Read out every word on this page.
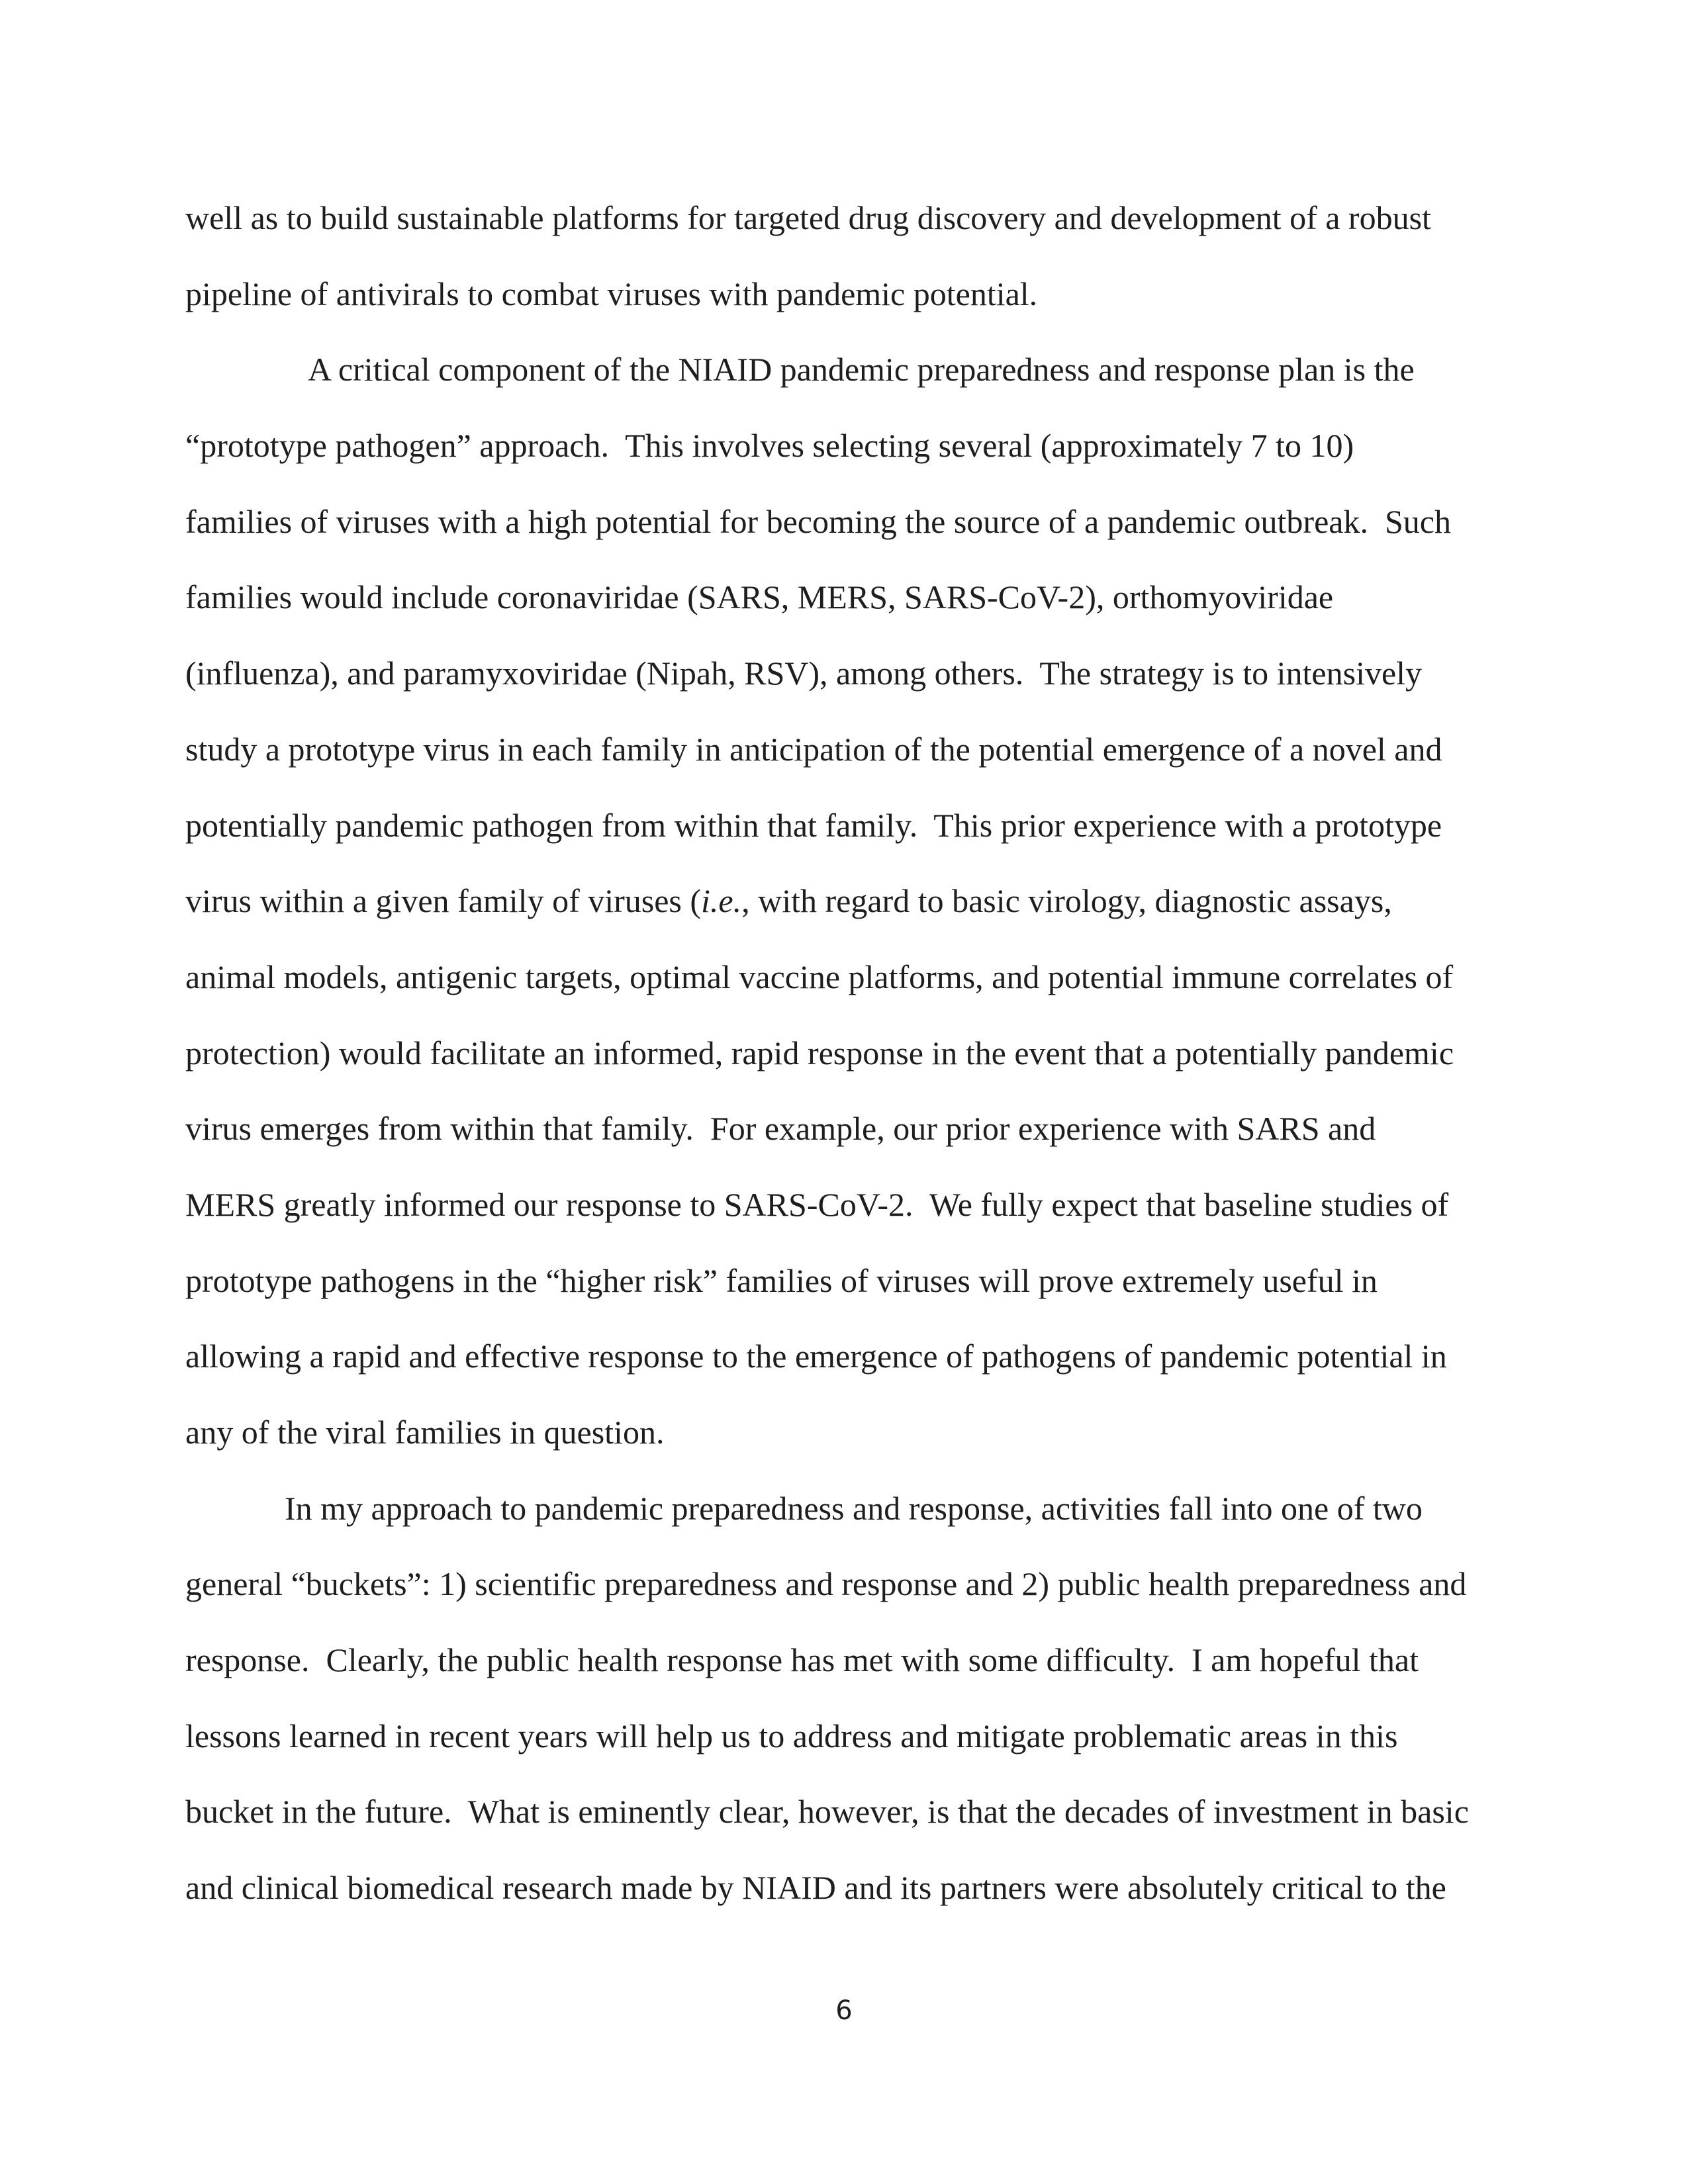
well as to build sustainable platforms for targeted drug discovery and development of a robust
pipeline of antivirals to combat viruses with pandemic potential.
A critical component of the NIAID pandemic preparedness and response plan is the
“prototype pathogen” approach.  This involves selecting several (approximately 7 to 10)
families of viruses with a high potential for becoming the source of a pandemic outbreak.  Such
families would include coronaviridae (SARS, MERS, SARS-CoV-2), orthomyoviridae
(influenza), and paramyxoviridae (Nipah, RSV), among others.  The strategy is to intensively
study a prototype virus in each family in anticipation of the potential emergence of a novel and
potentially pandemic pathogen from within that family.  This prior experience with a prototype
virus within a given family of viruses (i.e., with regard to basic virology, diagnostic assays,
animal models, antigenic targets, optimal vaccine platforms, and potential immune correlates of
protection) would facilitate an informed, rapid response in the event that a potentially pandemic
virus emerges from within that family.  For example, our prior experience with SARS and
MERS greatly informed our response to SARS-CoV-2.  We fully expect that baseline studies of
prototype pathogens in the “higher risk” families of viruses will prove extremely useful in
allowing a rapid and effective response to the emergence of pathogens of pandemic potential in
any of the viral families in question.
In my approach to pandemic preparedness and response, activities fall into one of two
general “buckets”: 1) scientific preparedness and response and 2) public health preparedness and
response.  Clearly, the public health response has met with some difficulty.  I am hopeful that
lessons learned in recent years will help us to address and mitigate problematic areas in this
bucket in the future.  What is eminently clear, however, is that the decades of investment in basic
and clinical biomedical research made by NIAID and its partners were absolutely critical to the
6
